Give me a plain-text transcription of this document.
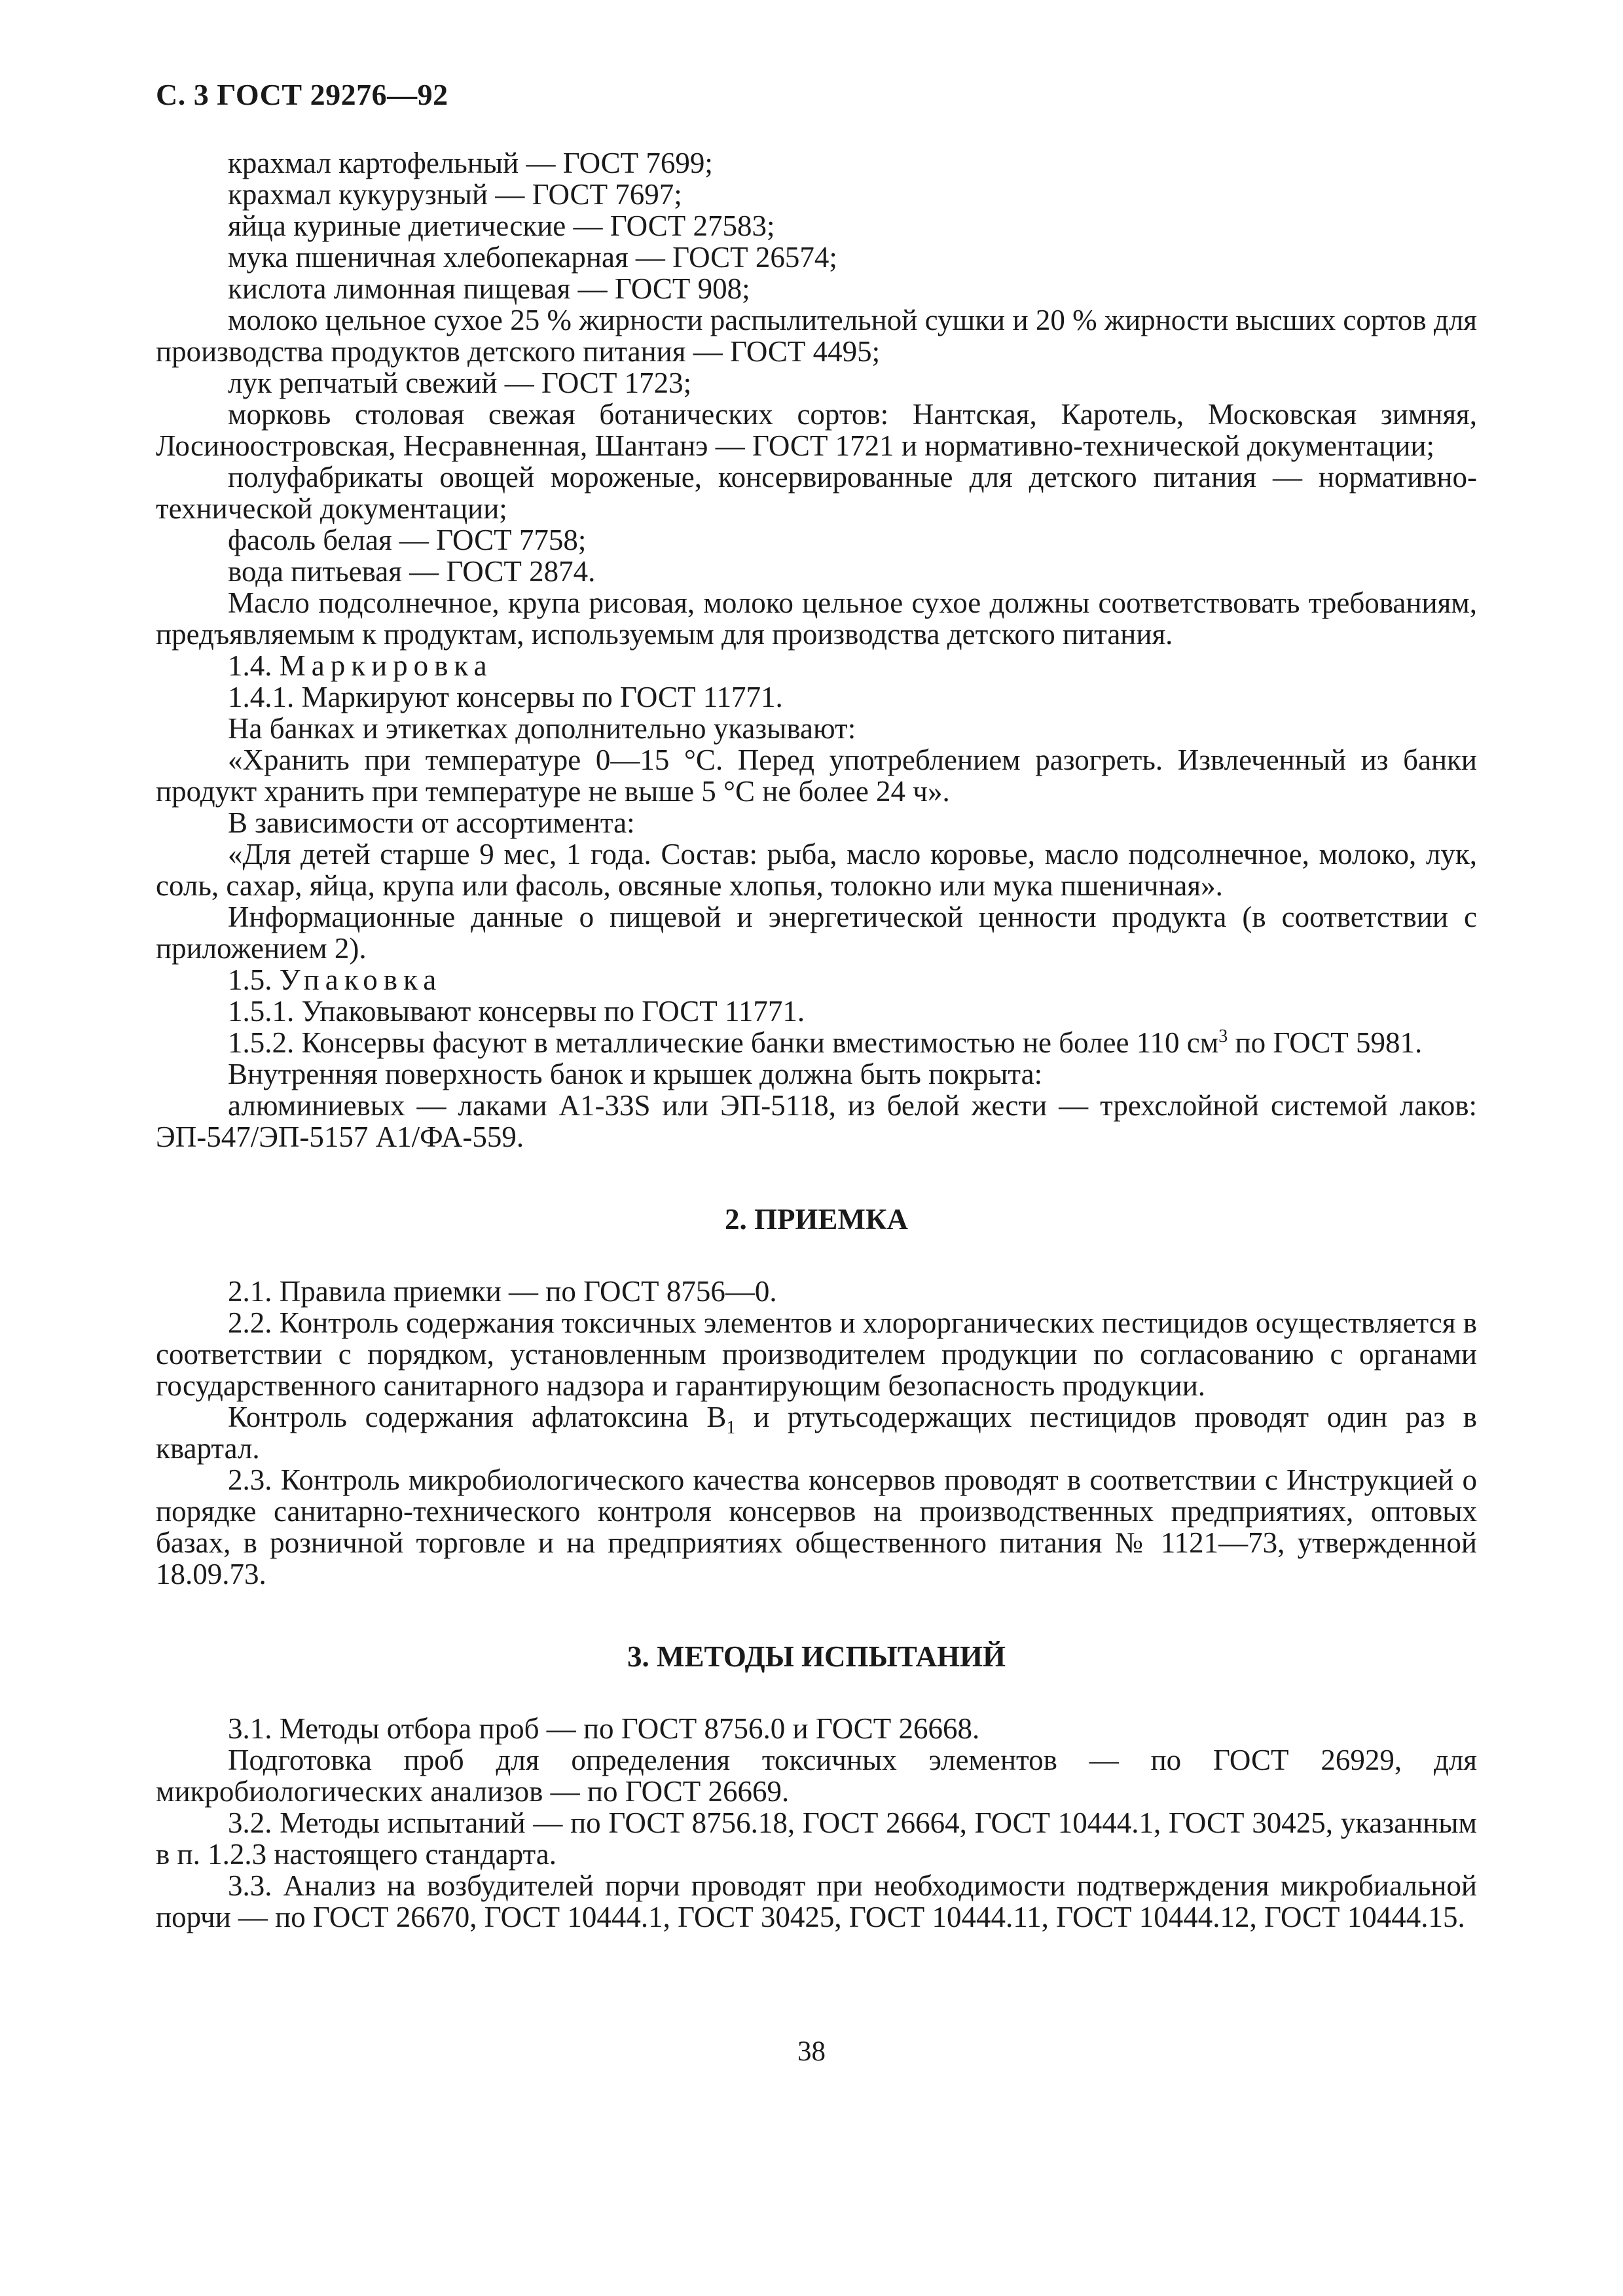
С. 3 ГОСТ 29276—92

крахмал картофельный — ГОСТ 7699;

крахмал кукурузный — ГОСТ 7697;

яйца куриные диетические — ГОСТ 27583;

мука пшеничная хлебопекарная — ГОСТ 26574;

кислота лимонная пищевая — ГОСТ 908;

молоко цельное сухое 25 % жирности распылительной сушки и 20 % жирности высших сортов для производства продуктов детского питания — ГОСТ 4495;

лук репчатый свежий — ГОСТ 1723;

морковь столовая свежая ботанических сортов: Нантская, Каротель, Московская зимняя, Лосиноостровская, Несравненная, Шантанэ — ГОСТ 1721 и нормативно-технической документации;

полуфабрикаты овощей мороженые, консервированные для детского питания — нормативно-технической документации;

фасоль белая — ГОСТ 7758;

вода питьевая — ГОСТ 2874.

Масло подсолнечное, крупа рисовая, молоко цельное сухое должны соответствовать требованиям, предъявляемым к продуктам, используемым для производства детского питания.

1.4. Маркировка

1.4.1. Маркируют консервы по ГОСТ 11771.

На банках и этикетках дополнительно указывают:

«Хранить при температуре 0—15 °С. Перед употреблением разогреть. Извлеченный из банки продукт хранить при температуре не выше 5 °С не более 24 ч».

В зависимости от ассортимента:

«Для детей старше 9 мес, 1 года. Состав: рыба, масло коровье, масло подсолнечное, молоко, лук, соль, сахар, яйца, крупа или фасоль, овсяные хлопья, толокно или мука пшеничная».

Информационные данные о пищевой и энергетической ценности продукта (в соответствии с приложением 2).

1.5. Упаковка

1.5.1. Упаковывают консервы по ГОСТ 11771.

1.5.2. Консервы фасуют в металлические банки вместимостью не более 110 $см^3$ по ГОСТ 5981.

Внутренняя поверхность банок и крышек должна быть покрыта:

алюминиевых — лаками А1-33S или ЭП-5118, из белой жести — трехслойной системой лаков: ЭП-547/ЭП-5157 А1/ФА-559.

2. ПРИЕМКА

2.1. Правила приемки — по ГОСТ 8756—0.

2.2. Контроль содержания токсичных элементов и хлорорганических пестицидов осуществляется в соответствии с порядком, установленным производителем продукции по согласованию с органами государственного санитарного надзора и гарантирующим безопасность продукции.

Контроль содержания афлатоксина $В_1$ и ртутьсодержащих пестицидов проводят один раз в квартал.

2.3. Контроль микробиологического качества консервов проводят в соответствии с Инструкцией о порядке санитарно-технического контроля консервов на производственных предприятиях, оптовых базах, в розничной торговле и на предприятиях общественного питания № 1121—73, утвержденной 18.09.73.

3. МЕТОДЫ ИСПЫТАНИЙ

3.1. Методы отбора проб — по ГОСТ 8756.0 и ГОСТ 26668.

Подготовка проб для определения токсичных элементов — по ГОСТ 26929, для микробиологических анализов — по ГОСТ 26669.

3.2. Методы испытаний — по ГОСТ 8756.18, ГОСТ 26664, ГОСТ 10444.1, ГОСТ 30425, указанным в п. 1.2.3 настоящего стандарта.

3.3. Анализ на возбудителей порчи проводят при необходимости подтверждения микробиальной порчи — по ГОСТ 26670, ГОСТ 10444.1, ГОСТ 30425, ГОСТ 10444.11, ГОСТ 10444.12, ГОСТ 10444.15.

38
